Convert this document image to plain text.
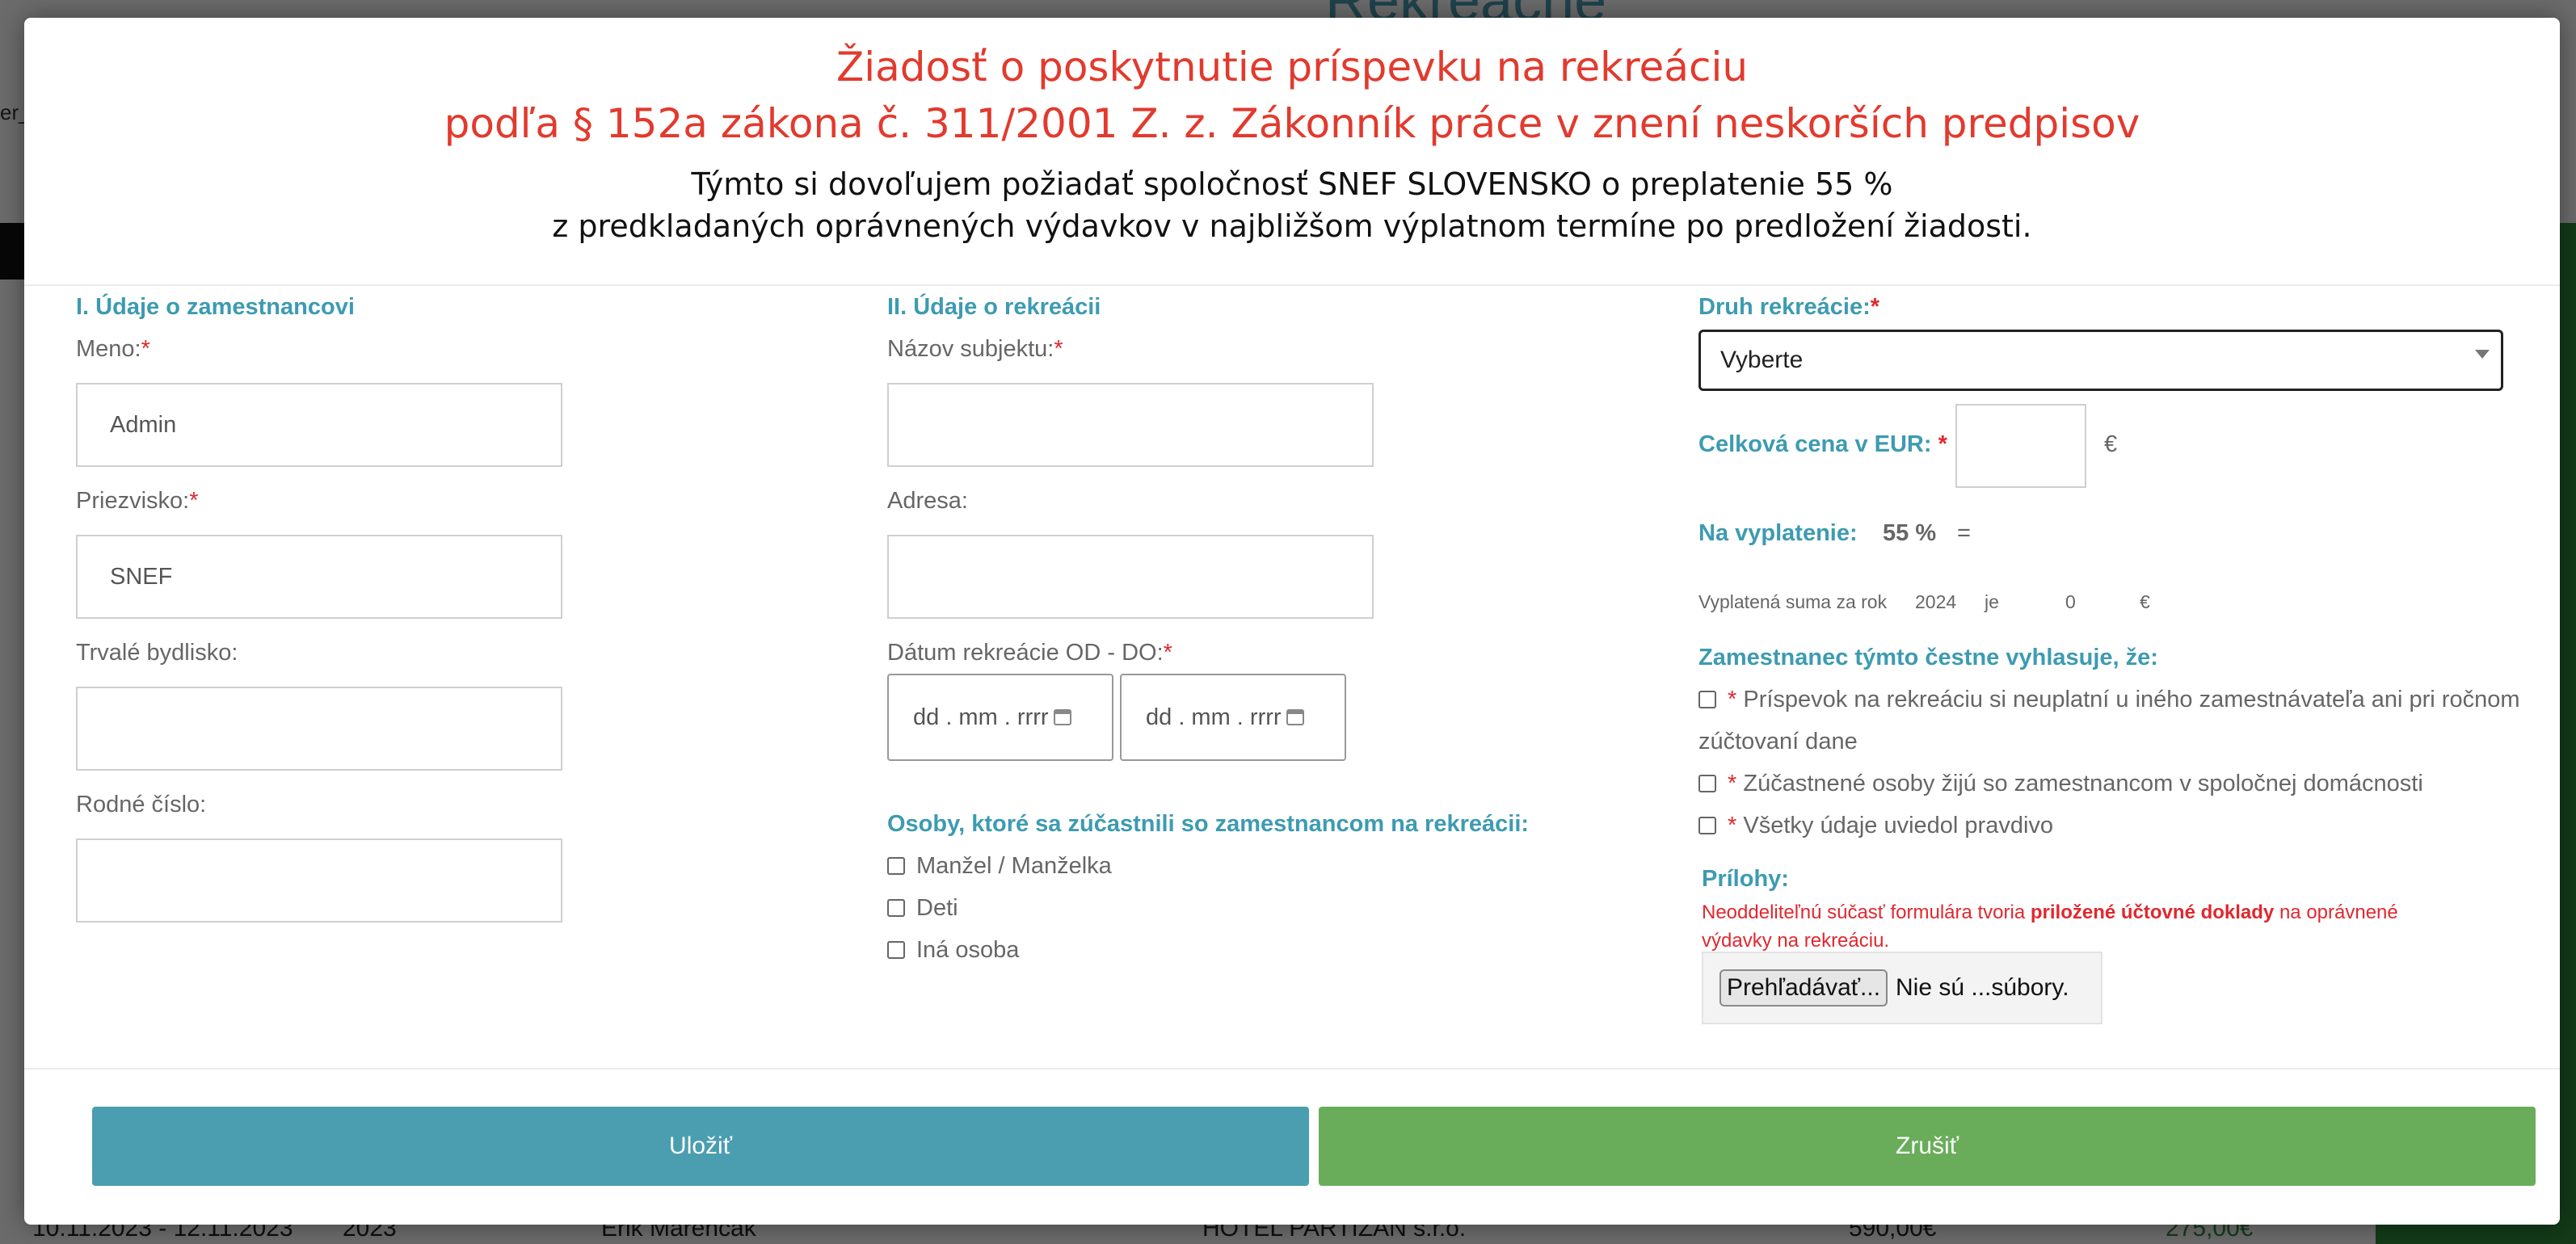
Žiadosť o poskytnutie príspevku na rekreáciu
podľa § 152a zákona č. 311/2001 Z. z. Zákonník práce v znení neskorších predpisov
Týmto si dovoľujem požiadať spoločnosť SNEF SLOVENSKO o preplatenie 55 %
z predkladaných oprávnených výdavkov v najbližšom výplatnom termíne po predložení žiadosti.
I. Údaje o zamestnancovi
Meno:*
Admin
Priezvisko:*
SNEF
Trvalé bydlisko:
Rodné číslo:
II. Údaje o rekreácii
Názov subjektu:*
Adresa:
Dátum rekreácie OD - DO:*
dd . mm . rrrr	dd . mm . rrrr
Osoby, ktoré sa zúčastnili so zamestnancom na rekreácii:
Manžel / Manželka
Deti
Iná osoba
Druh rekreácie:*
Vyberte
Celková cena v EUR: *	€
Na vyplatenie: 55 % =
Vyplatená suma za rok 2024 je	0	€
Zamestnanec týmto čestne vyhlasuje, že:
* Príspevok na rekreáciu si neuplatní u iného zamestnávateľa ani pri ročnom
zúčtovaní dane
* Zúčastnené osoby žijú so zamestnancom v spoločnej domácnosti
* Všetky údaje uviedol pravdivo
Prílohy:
Neoddeliteľnú súčasť formulára tvoria priložené účtovné doklady na oprávnené
výdavky na rekreáciu.
Prehľadávať... Nie sú ...súbory.
Uložiť	Zrušiť
